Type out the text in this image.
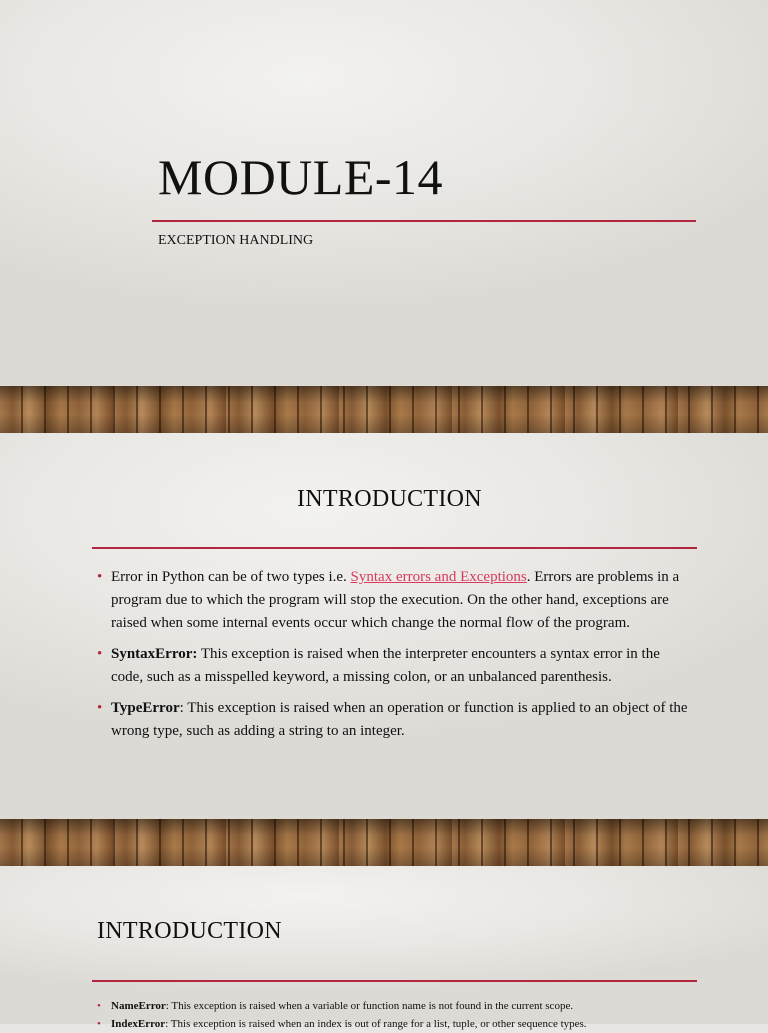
MODULE-14

EXCEPTION HANDLING

INTRODUCTION
• Error in Python can be of two types i.e. Syntax errors and Exceptions. Errors are problems in a program due to which the program will stop the execution. On the other hand, exceptions are raised when some internal events occur which change the normal flow of the program.
• SyntaxError: This exception is raised when the interpreter encounters a syntax error in the code, such as a misspelled keyword, a missing colon, or an unbalanced parenthesis.
• TypeError: This exception is raised when an operation or function is applied to an object of the wrong type, such as adding a string to an integer.
INTRODUCTION
• NameError: This exception is raised when a variable or function name is not found in the current scope.
• IndexError: This exception is raised when an index is out of range for a list, tuple, or other sequence types.
